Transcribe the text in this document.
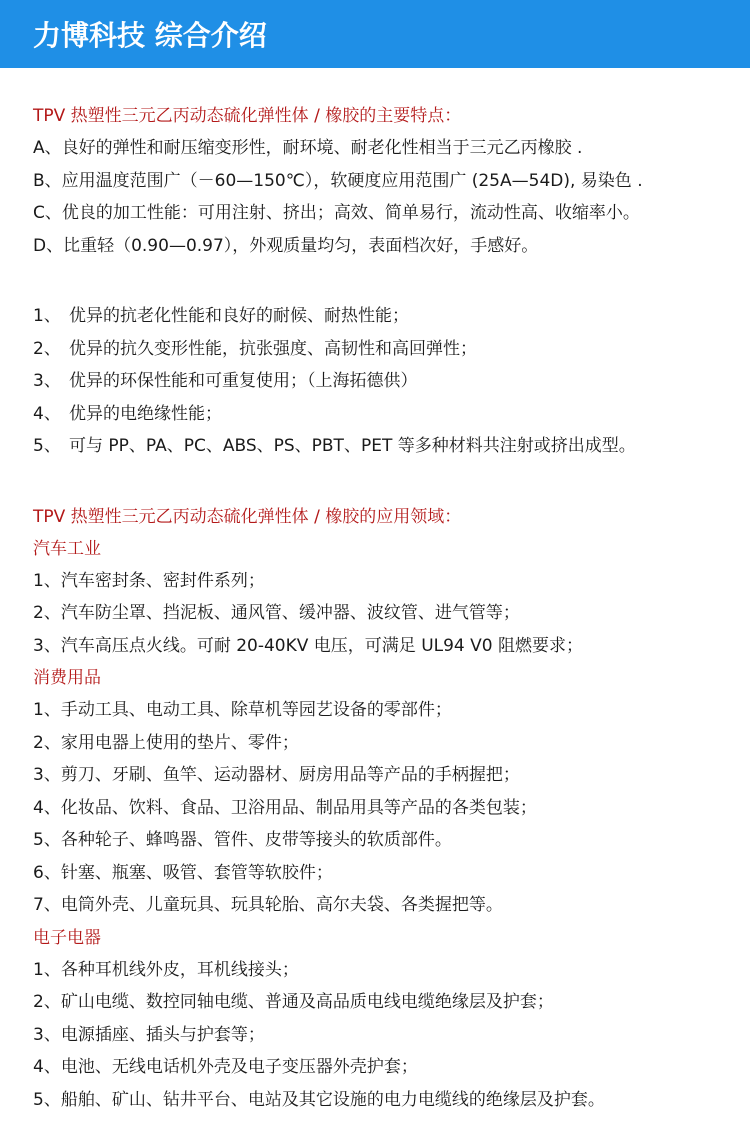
力博科技 综合介绍
TPV 热塑性三元乙丙动态硫化弹性体 / 橡胶的主要特点：
A、良好的弹性和耐压缩变形性，耐环境、耐老化性相当于三元乙丙橡胶 .
B、应用温度范围广（－60—150℃），软硬度应用范围广 (25A—54D), 易染色 .
C、优良的加工性能：可用注射、挤出；高效、简单易行，流动性高、收缩率小。
D、比重轻（0.90—0.97），外观质量均匀，表面档次好，手感好。
1、 优异的抗老化性能和良好的耐候、耐热性能；
2、 优异的抗久变形性能，抗张强度、高韧性和高回弹性；
3、 优异的环保性能和可重复使用；（上海拓德供）
4、 优异的电绝缘性能；
5、 可与 PP、PA、PC、ABS、PS、PBT、PET 等多种材料共注射或挤出成型。
TPV 热塑性三元乙丙动态硫化弹性体 / 橡胶的应用领域：
汽车工业
1、汽车密封条、密封件系列；
2、汽车防尘罩、挡泥板、通风管、缓冲器、波纹管、进气管等；
3、汽车高压点火线。可耐 20-40KV 电压，可满足 UL94 V0 阻燃要求；
消费用品
1、手动工具、电动工具、除草机等园艺设备的零部件；
2、家用电器上使用的垫片、零件；
3、剪刀、牙刷、鱼竿、运动器材、厨房用品等产品的手柄握把；
4、化妆品、饮料、食品、卫浴用品、制品用具等产品的各类包装；
5、各种轮子、蜂鸣器、管件、皮带等接头的软质部件。
6、针塞、瓶塞、吸管、套管等软胶件；
7、电筒外壳、儿童玩具、玩具轮胎、高尔夫袋、各类握把等。
电子电器
1、各种耳机线外皮，耳机线接头；
2、矿山电缆、数控同轴电缆、普通及高品质电线电缆绝缘层及护套；
3、电源插座、插头与护套等；
4、电池、无线电话机外壳及电子变压器外壳护套；
5、船舶、矿山、钻井平台、电站及其它设施的电力电缆线的绝缘层及护套。
